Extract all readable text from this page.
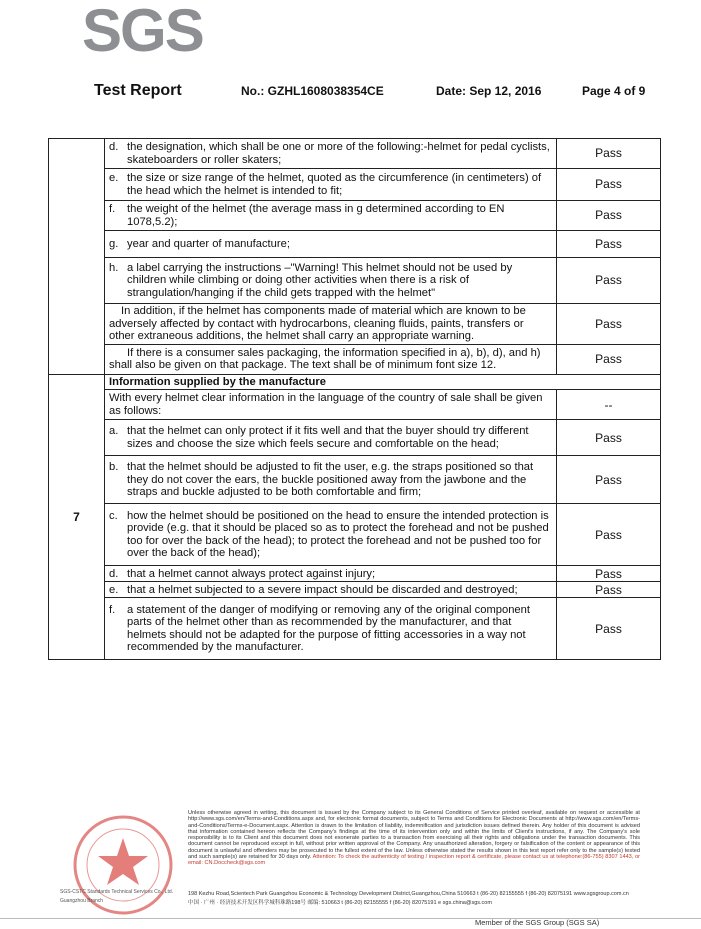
SGS
Test Report	No.: GZHL1608038354CE	Date: Sep 12, 2016	Page 4 of 9

	d. the designation, which shall be one or more of the following:-helmet for pedal cyclists, skateboarders or roller skaters;	Pass

	e. the size or size range of the helmet, quoted as the circumference (in centimeters) of the head which the helmet is intended to fit;	Pass

	f. the weight of the helmet (the average mass in g determined according to EN 1078,5.2);	Pass

	g. year and quarter of manufacture;	Pass

	h. a label carrying the instructions –"Warning! This helmet should not be used by children while climbing or doing other activities when there is a risk of strangulation/hanging if the child gets trapped with the helmet"	Pass

	In addition, if the helmet has components made of material which are known to be adversely affected by contact with hydrocarbons, cleaning fluids, paints, transfers or other extraneous additions, the helmet shall carry an appropriate warning.	Pass

	If there is a consumer sales packaging, the information specified in a), b), d), and h) shall also be given on that package. The text shall be of minimum font size 12.	Pass
7	Information supplied by the manufacture	
	With every helmet clear information in the language of the country of sale shall be given as follows:	--

	a. that the helmet can only protect if it fits well and that the buyer should try different sizes and choose the size which feels secure and comfortable on the head;	Pass

	b. that the helmet should be adjusted to fit the user, e.g. the straps positioned so that they do not cover the ears, the buckle positioned away from the jawbone and the straps and buckle adjusted to be both comfortable and firm;	Pass

	c. how the helmet should be positioned on the head to ensure the intended protection is provide (e.g. that it should be placed so as to protect the forehead and not be pushed too for over the back of the head); to protect the forehead and not be pushed too for over the back of the head);	Pass

	d. that a helmet cannot always protect against injury;	Pass

	e. that a helmet subjected to a severe impact should be discarded and destroyed;	Pass

	f. a statement of the danger of modifying or removing any of the original component parts of the helmet other than as recommended by the manufacturer, and that helmets should not be adapted for the purpose of fitting accessories in a way not recommended by the manufacturer.	Pass
SGS-CSTC Standards Technical Services Co., Ltd. Guangzhou Branch
Unless otherwise agreed in writing, this document is issued by the Company subject to its General Conditions of Service printed overleaf, available on request or accessible at http://www.sgs.com/en/Terms-and-Conditions.aspx and, for electronic format documents, subject to Terms and Conditions for Electronic Documents at http://www.sgs.com/en/Terms-and-Conditions/Terms-e-Document.aspx. Attention is drawn to the limitation of liability, indemnification and jurisdiction issues defined therein. Any holder of this document is advised that information contained hereon reflects the Company's findings at the time of its intervention only and within the limits of Client's instructions, if any. The Company's sole responsibility is to its Client and this document does not exonerate parties to a transaction from exercising all their rights and obligations under the transaction documents. This document cannot be reproduced except in full, without prior written approval of the Company. Any unauthorized alteration, forgery or falsification of the content or appearance of this document is unlawful and offenders may be prosecuted to the fullest extent of the law. Unless otherwise stated the results shown in this test report refer only to the sample(s) tested and such sample(s) are retained for 30 days only. Attention: To check the authenticity of testing / inspection report & certificate, please contact us at telephone:(86-755) 8307 1443, or email: CN.Doccheck@sgs.com
198 Kezhu Road,Scientech Park Guangzhou Economic & Technology Development District,Guangzhou,China 510663 t (86-20) 82155555 f (86-20) 82075191 www.sgsgroup.com.cn
中国 · 广州 · 经济技术开发区科学城科珠路198号 邮编: 510663 t (86-20) 82155555 f (86-20) 82075191 e sgs.china@sgs.com
Member of the SGS Group (SGS SA)
